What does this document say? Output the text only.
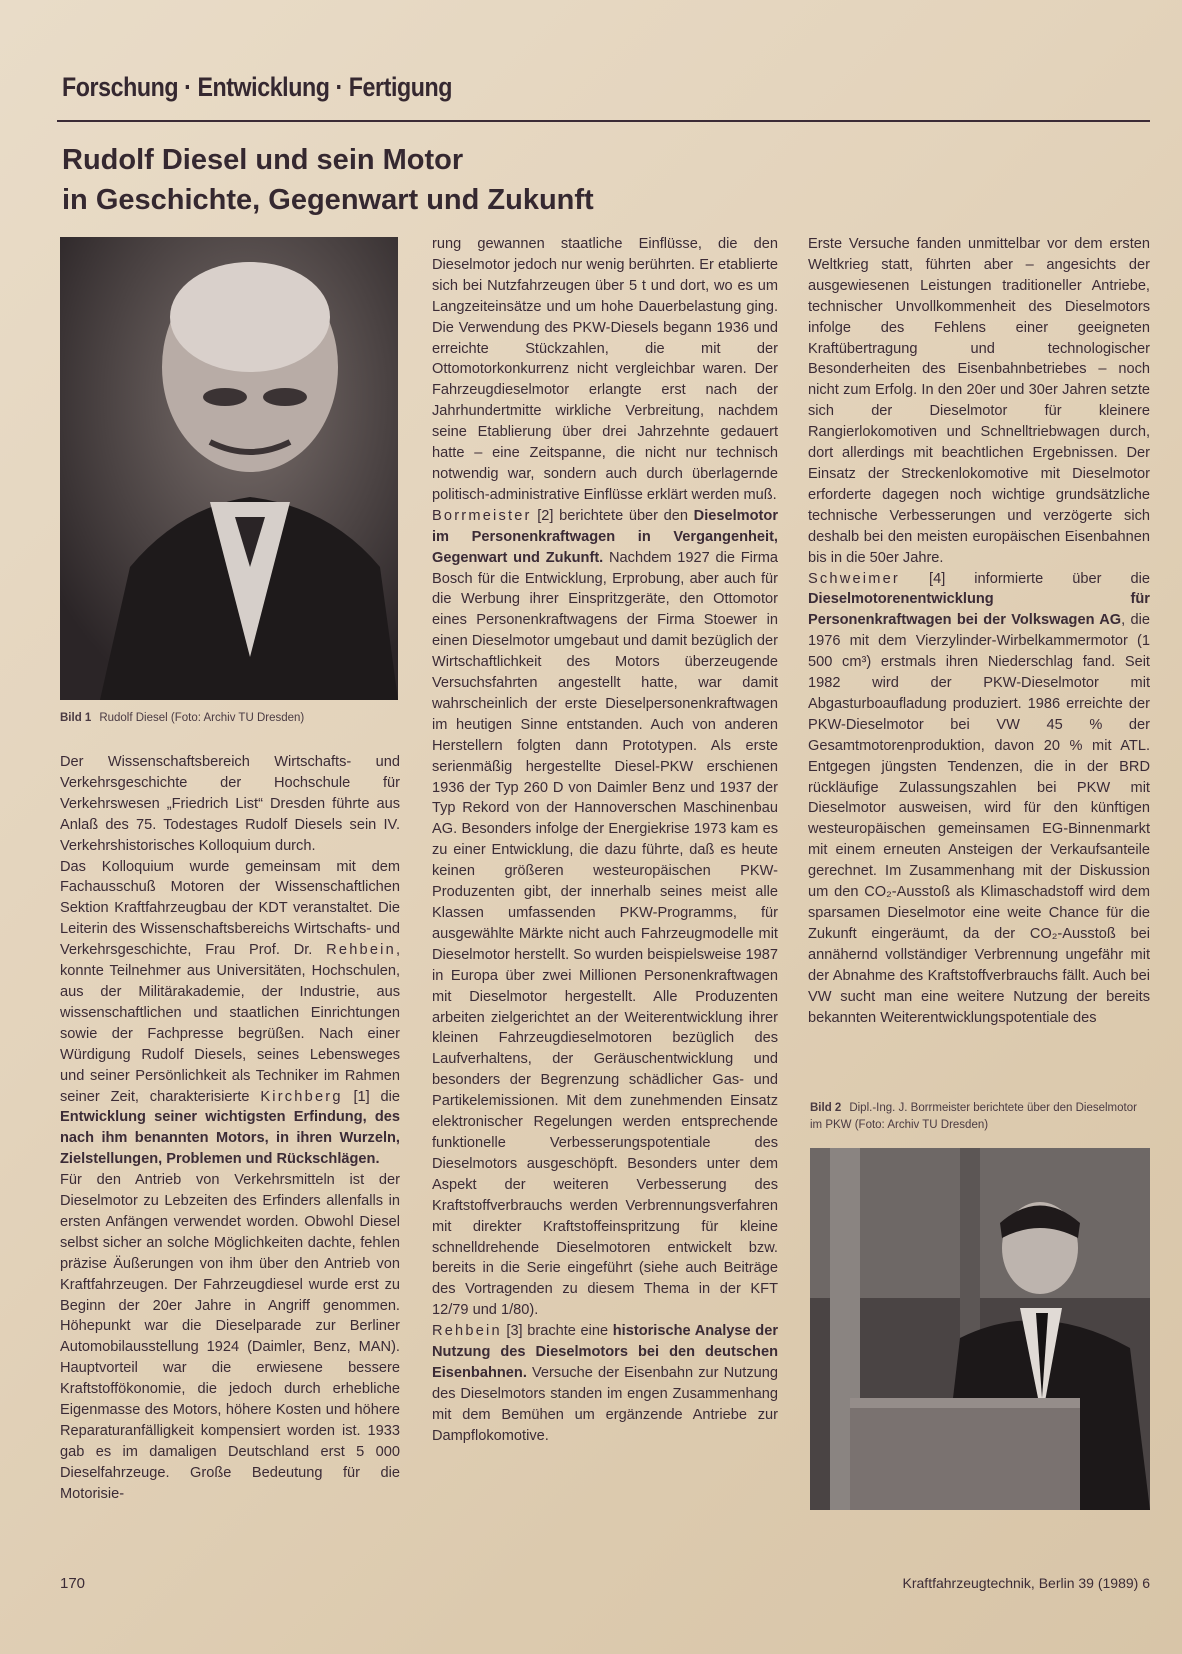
Forschung · Entwicklung · Fertigung
Rudolf Diesel und sein Motor
in Geschichte, Gegenwart und Zukunft
Bild 1 Rudolf Diesel (Foto: Archiv TU Dresden)

Der Wissenschaftsbereich Wirtschafts- und Verkehrsgeschichte der Hochschule für Verkehrswesen „Friedrich List“ Dresden führte aus Anlaß des 75. Todestages Rudolf Diesels sein IV. Verkehrshistorisches Kolloquium durch.

Das Kolloquium wurde gemeinsam mit dem Fachausschuß Motoren der Wissenschaftlichen Sektion Kraftfahrzeugbau der KDT veranstaltet. Die Leiterin des Wissenschaftsbereichs Wirtschafts- und Verkehrsgeschichte, Frau Prof. Dr. Rehbein, konnte Teilnehmer aus Universitäten, Hochschulen, aus der Militärakademie, der Industrie, aus wissenschaftlichen und staatlichen Einrichtungen sowie der Fachpresse begrüßen. Nach einer Würdigung Rudolf Diesels, seines Lebensweges und seiner Persönlichkeit als Techniker im Rahmen seiner Zeit, charakterisierte Kirchberg [1] die Entwicklung seiner wichtigsten Erfindung, des nach ihm benannten Motors, in ihren Wurzeln, Zielstellungen, Problemen und Rückschlägen.

Für den Antrieb von Verkehrsmitteln ist der Dieselmotor zu Lebzeiten des Erfinders allenfalls in ersten Anfängen verwendet worden. Obwohl Diesel selbst sicher an solche Möglichkeiten dachte, fehlen präzise Äußerungen von ihm über den Antrieb von Kraftfahrzeugen. Der Fahrzeugdiesel wurde erst zu Beginn der 20er Jahre in Angriff genommen. Höhepunkt war die Dieselparade zur Berliner Automobilausstellung 1924 (Daimler, Benz, MAN). Hauptvorteil war die erwiesene bessere Kraftstoffökonomie, die jedoch durch erhebliche Eigenmasse des Motors, höhere Kosten und höhere Reparaturanfälligkeit kompensiert worden ist. 1933 gab es im damaligen Deutschland erst 5 000 Dieselfahrzeuge. Große Bedeutung für die Motorisie-

rung gewannen staatliche Einflüsse, die den Dieselmotor jedoch nur wenig berührten. Er etablierte sich bei Nutzfahrzeugen über 5 t und dort, wo es um Langzeiteinsätze und um hohe Dauerbelastung ging. Die Verwendung des PKW-Diesels begann 1936 und erreichte Stückzahlen, die mit der Ottomotorkonkurrenz nicht vergleichbar waren. Der Fahrzeugdieselmotor erlangte erst nach der Jahrhundertmitte wirkliche Verbreitung, nachdem seine Etablierung über drei Jahrzehnte gedauert hatte – eine Zeitspanne, die nicht nur technisch notwendig war, sondern auch durch überlagernde politisch-administrative Einflüsse erklärt werden muß.

Borrmeister [2] berichtete über den Dieselmotor im Personenkraftwagen in Vergangenheit, Gegenwart und Zukunft. Nachdem 1927 die Firma Bosch für die Entwicklung, Erprobung, aber auch für die Werbung ihrer Einspritzgeräte, den Ottomotor eines Personenkraftwagens der Firma Stoewer in einen Dieselmotor umgebaut und damit bezüglich der Wirtschaftlichkeit des Motors überzeugende Versuchsfahrten angestellt hatte, war damit wahrscheinlich der erste Dieselpersonenkraftwagen im heutigen Sinne entstanden. Auch von anderen Herstellern folgten dann Prototypen. Als erste serienmäßig hergestellte Diesel-PKW erschienen 1936 der Typ 260 D von Daimler Benz und 1937 der Typ Rekord von der Hannoverschen Maschinenbau AG. Besonders infolge der Energiekrise 1973 kam es zu einer Entwicklung, die dazu führte, daß es heute keinen größeren westeuropäischen PKW-Produzenten gibt, der innerhalb seines meist alle Klassen umfassenden PKW-Programms, für ausgewählte Märkte nicht auch Fahrzeugmodelle mit Dieselmotor herstellt. So wurden beispielsweise 1987 in Europa über zwei Millionen Personenkraftwagen mit Dieselmotor hergestellt. Alle Produzenten arbeiten zielgerichtet an der Weiterentwicklung ihrer kleinen Fahrzeugdieselmotoren bezüglich des Laufverhaltens, der Geräuschentwicklung und besonders der Begrenzung schädlicher Gas- und Partikelemissionen. Mit dem zunehmenden Einsatz elektronischer Regelungen werden entsprechende funktionelle Verbesserungspotentiale des Dieselmotors ausgeschöpft. Besonders unter dem Aspekt der weiteren Verbesserung des Kraftstoffverbrauchs werden Verbrennungsverfahren mit direkter Kraftstoffeinspritzung für kleine schnelldrehende Dieselmotoren entwickelt bzw. bereits in die Serie eingeführt (siehe auch Beiträge des Vortragenden zu diesem Thema in der KFT 12/79 und 1/80).

Rehbein [3] brachte eine historische Analyse der Nutzung des Dieselmotors bei den deutschen Eisenbahnen. Versuche der Eisenbahn zur Nutzung des Dieselmotors standen im engen Zusammenhang mit dem Bemühen um ergänzende Antriebe zur Dampflokomotive.

Erste Versuche fanden unmittelbar vor dem ersten Weltkrieg statt, führten aber – angesichts der ausgewiesenen Leistungen traditioneller Antriebe, technischer Unvollkommenheit des Dieselmotors infolge des Fehlens einer geeigneten Kraftübertragung und technologischer Besonderheiten des Eisenbahnbetriebes – noch nicht zum Erfolg. In den 20er und 30er Jahren setzte sich der Dieselmotor für kleinere Rangierlokomotiven und Schnelltriebwagen durch, dort allerdings mit beachtlichen Ergebnissen. Der Einsatz der Streckenlokomotive mit Dieselmotor erforderte dagegen noch wichtige grundsätzliche technische Verbesserungen und verzögerte sich deshalb bei den meisten europäischen Eisenbahnen bis in die 50er Jahre.

Schweimer [4] informierte über die Dieselmotorenentwicklung für Personenkraftwagen bei der Volkswagen AG, die 1976 mit dem Vierzylinder-Wirbelkammermotor (1 500 cm³) erstmals ihren Niederschlag fand. Seit 1982 wird der PKW-Dieselmotor mit Abgasturboaufladung produziert. 1986 erreichte der PKW-Dieselmotor bei VW 45 % der Gesamtmotorenproduktion, davon 20 % mit ATL. Entgegen jüngsten Tendenzen, die in der BRD rückläufige Zulassungszahlen bei PKW mit Dieselmotor ausweisen, wird für den künftigen westeuropäischen gemeinsamen EG-Binnenmarkt mit einem erneuten Ansteigen der Verkaufsanteile gerechnet. Im Zusammenhang mit der Diskussion um den CO₂-Ausstoß als Klimaschadstoff wird dem sparsamen Dieselmotor eine weite Chance für die Zukunft eingeräumt, da der CO₂-Ausstoß bei annähernd vollständiger Verbrennung ungefähr mit der Abnahme des Kraftstoffverbrauchs fällt. Auch bei VW sucht man eine weitere Nutzung der bereits bekannten Weiterentwicklungspotentiale des

Bild 2 Dipl.-Ing. J. Borrmeister berichtete über den Dieselmotor im PKW (Foto: Archiv TU Dresden)
170	Kraftfahrzeugtechnik, Berlin 39 (1989) 6
